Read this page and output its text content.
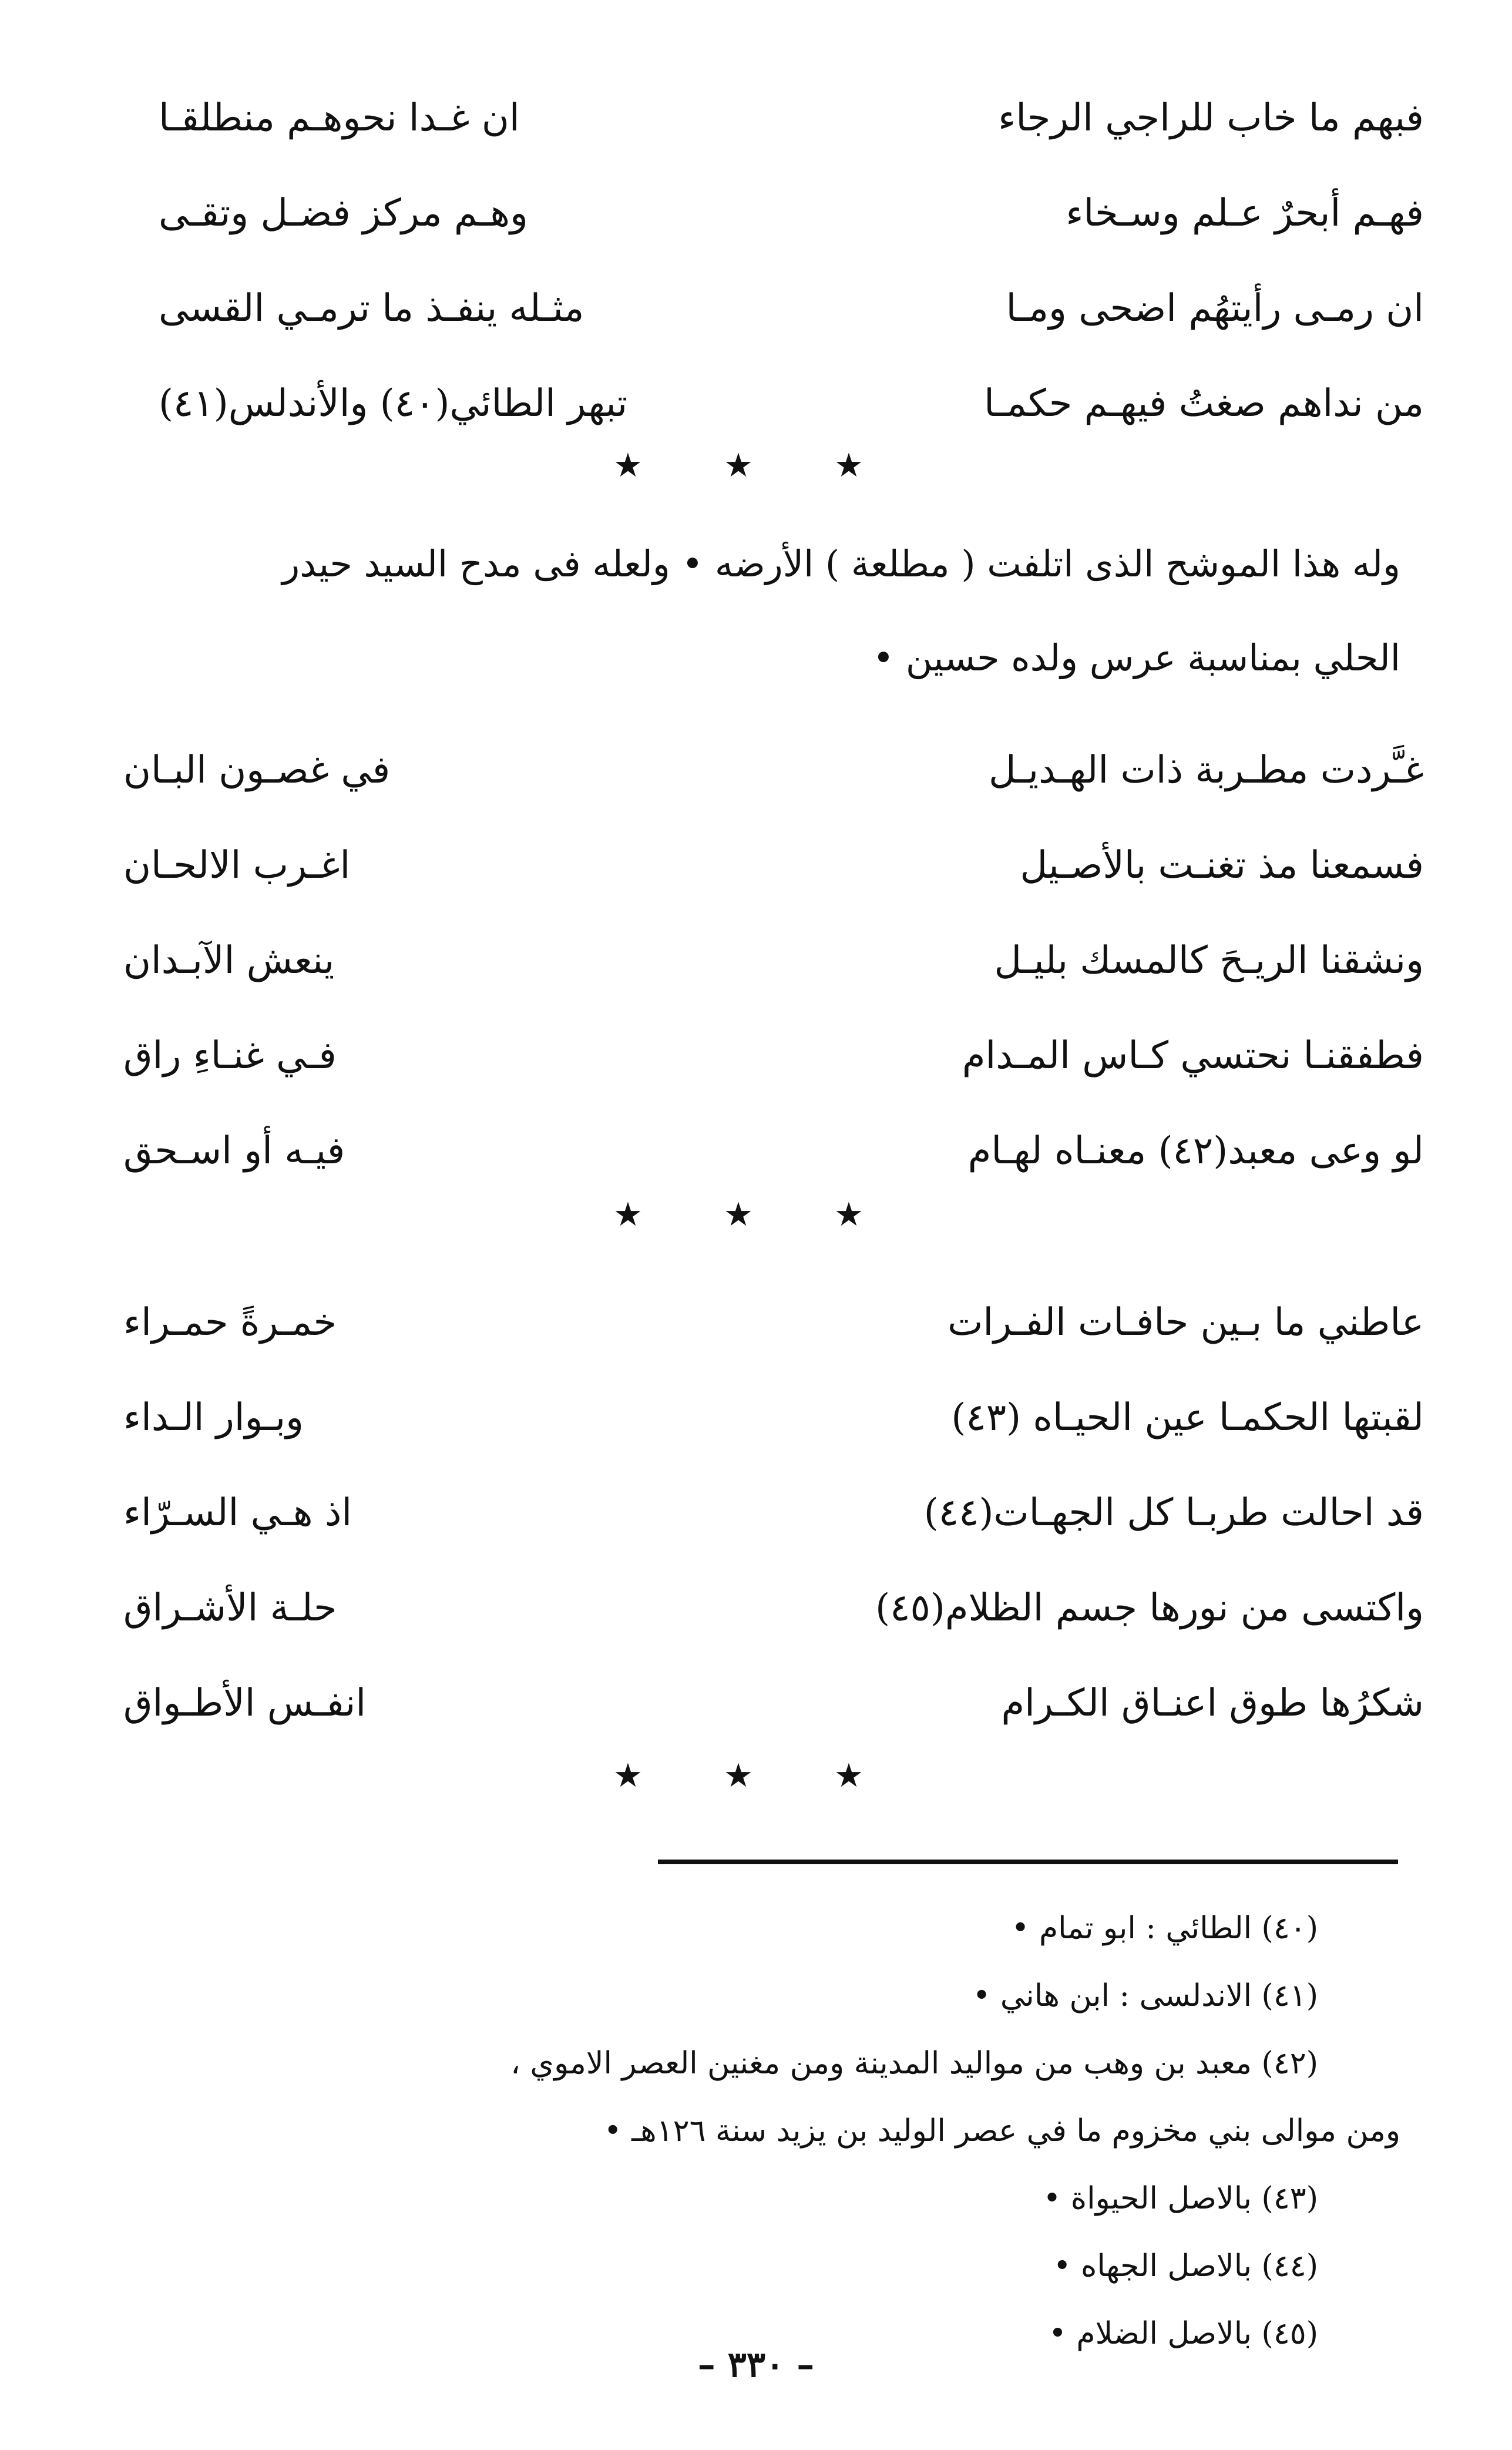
فبهم ما خاب للراجي الرجاء
ان غـدا نحوهـم منطلقـا
فهـم أبحرٌ عـلم وسـخاء
وهـم مركز فضـل وتقـى
ان رمـى رأيتهُم اضحى ومـا
مثـله ينفـذ ما ترمـي القسى
من نداهم صغتُ فيهـم حكمـا
تبهر الطائي(٤٠) والأندلس(٤١)
★ ★ ★

وله هذا الموشح الذى اتلفت ( مطلعة ) الأرضه • ولعله فى مدح السيد حيدر

الحلي بمناسبة عرس ولده حسين •

غـَّردت مطـربة ذات الهـديـل
في غصـون البـان
فسمعنا مذ تغنـت بالأصـيل
اغـرب الالحـان
ونشقنا الريـحَ كالمسك بليـل
ينعش الآبـدان
فطفقنـا نحتسي كـاس المـدام
فـي غنـاءِ راق
لو وعى معبد(٤٢) معنـاه لهـام
فيـه أو اسـحق
★ ★ ★
عاطني ما بـين حافـات الفـرات
خمـرةً حمـراء
لقبتها الحكمـا عين الحيـاه (٤٣)
وبـوار الـداء
قد احالت طربـا كل الجهـات(٤٤)
اذ هـي السـرّاء
واكتسى من نورها جسم الظلام(٤٥)
حلـة الأشـراق
شكرُها طوق اعنـاق الكـرام
انفـس الأطـواق
★ ★ ★
(٤٠) الطائي : ابو تمام •
(٤١) الاندلسى : ابن هاني •
(٤٢) معبد بن وهب من مواليد المدينة ومن مغنين العصر الاموي ،
ومن موالى بني مخزوم ما في عصر الوليد بن يزيد سنة ١٢٦هـ •
(٤٣) بالاصل الحيواة •
(٤٤) بالاصل الجهاه •
(٤٥) بالاصل الضلام •
– ٣٣٠ –
